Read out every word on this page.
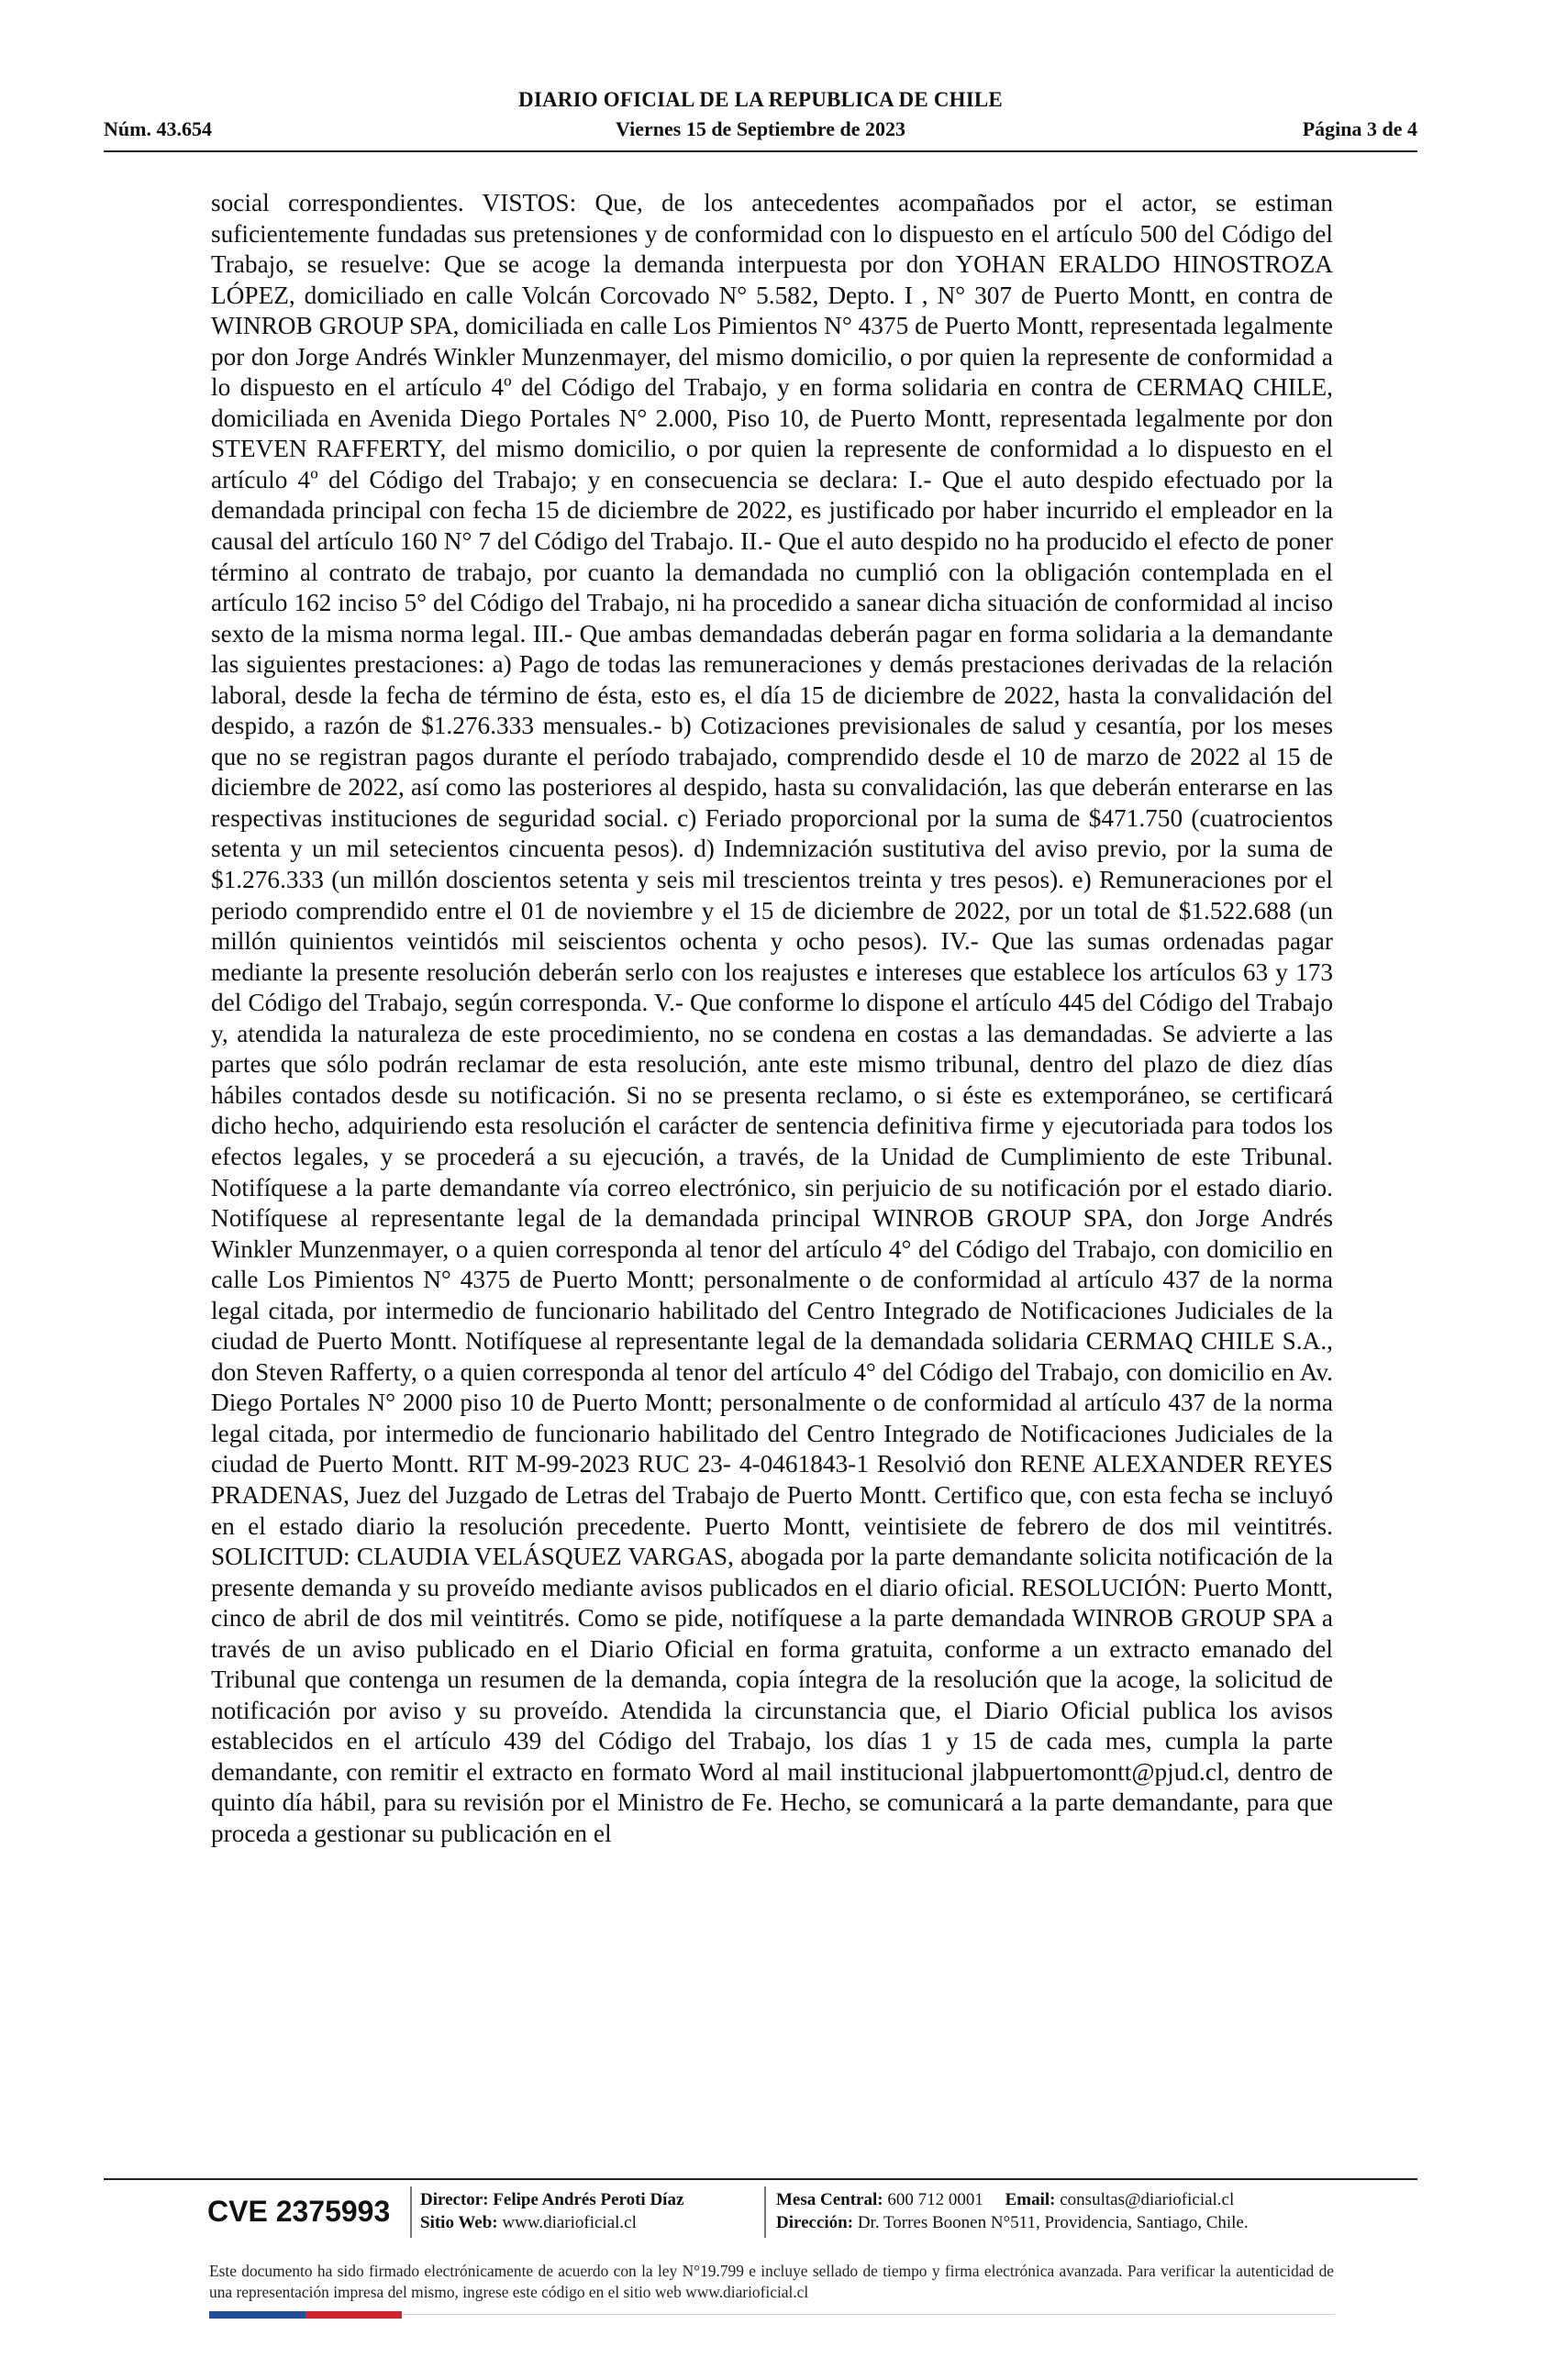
DIARIO OFICIAL DE LA REPUBLICA DE CHILE
Núm. 43.654	Viernes 15 de Septiembre de 2023	Página 3 de 4

social correspondientes. VISTOS: Que, de los antecedentes acompañados por el actor, se estiman suficientemente fundadas sus pretensiones y de conformidad con lo dispuesto en el artículo 500 del Código del Trabajo, se resuelve: Que se acoge la demanda interpuesta por don YOHAN ERALDO HINOSTROZA LÓPEZ, domiciliado en calle Volcán Corcovado N° 5.582, Depto. I , N° 307 de Puerto Montt, en contra de WINROB GROUP SPA, domiciliada en calle Los Pimientos N° 4375 de Puerto Montt, representada legalmente por don Jorge Andrés Winkler Munzenmayer, del mismo domicilio, o por quien la represente de conformidad a lo dispuesto en el artículo 4º del Código del Trabajo, y en forma solidaria en contra de CERMAQ CHILE, domiciliada en Avenida Diego Portales N° 2.000, Piso 10, de Puerto Montt, representada legalmente por don STEVEN RAFFERTY, del mismo domicilio, o por quien la represente de conformidad a lo dispuesto en el artículo 4º del Código del Trabajo; y en consecuencia se declara: I.- Que el auto despido efectuado por la demandada principal con fecha 15 de diciembre de 2022, es justificado por haber incurrido el empleador en la causal del artículo 160 N° 7 del Código del Trabajo. II.- Que el auto despido no ha producido el efecto de poner término al contrato de trabajo, por cuanto la demandada no cumplió con la obligación contemplada en el artículo 162 inciso 5° del Código del Trabajo, ni ha procedido a sanear dicha situación de conformidad al inciso sexto de la misma norma legal. III.- Que ambas demandadas deberán pagar en forma solidaria a la demandante las siguientes prestaciones: a) Pago de todas las remuneraciones y demás prestaciones derivadas de la relación laboral, desde la fecha de término de ésta, esto es, el día 15 de diciembre de 2022, hasta la convalidación del despido, a razón de $1.276.333 mensuales.- b) Cotizaciones previsionales de salud y cesantía, por los meses que no se registran pagos durante el período trabajado, comprendido desde el 10 de marzo de 2022 al 15 de diciembre de 2022, así como las posteriores al despido, hasta su convalidación, las que deberán enterarse en las respectivas instituciones de seguridad social. c) Feriado proporcional por la suma de $471.750 (cuatrocientos setenta y un mil setecientos cincuenta pesos). d) Indemnización sustitutiva del aviso previo, por la suma de $1.276.333 (un millón doscientos setenta y seis mil trescientos treinta y tres pesos). e) Remuneraciones por el periodo comprendido entre el 01 de noviembre y el 15 de diciembre de 2022, por un total de $1.522.688 (un millón quinientos veintidós mil seiscientos ochenta y ocho pesos). IV.- Que las sumas ordenadas pagar mediante la presente resolución deberán serlo con los reajustes e intereses que establece los artículos 63 y 173 del Código del Trabajo, según corresponda. V.- Que conforme lo dispone el artículo 445 del Código del Trabajo y, atendida la naturaleza de este procedimiento, no se condena en costas a las demandadas. Se advierte a las partes que sólo podrán reclamar de esta resolución, ante este mismo tribunal, dentro del plazo de diez días hábiles contados desde su notificación. Si no se presenta reclamo, o si éste es extemporáneo, se certificará dicho hecho, adquiriendo esta resolución el carácter de sentencia definitiva firme y ejecutoriada para todos los efectos legales, y se procederá a su ejecución, a través, de la Unidad de Cumplimiento de este Tribunal. Notifíquese a la parte demandante vía correo electrónico, sin perjuicio de su notificación por el estado diario. Notifíquese al representante legal de la demandada principal WINROB GROUP SPA, don Jorge Andrés Winkler Munzenmayer, o a quien corresponda al tenor del artículo 4° del Código del Trabajo, con domicilio en calle Los Pimientos N° 4375 de Puerto Montt; personalmente o de conformidad al artículo 437 de la norma legal citada, por intermedio de funcionario habilitado del Centro Integrado de Notificaciones Judiciales de la ciudad de Puerto Montt. Notifíquese al representante legal de la demandada solidaria CERMAQ CHILE S.A., don Steven Rafferty, o a quien corresponda al tenor del artículo 4° del Código del Trabajo, con domicilio en Av. Diego Portales N° 2000 piso 10 de Puerto Montt; personalmente o de conformidad al artículo 437 de la norma legal citada, por intermedio de funcionario habilitado del Centro Integrado de Notificaciones Judiciales de la ciudad de Puerto Montt. RIT M-99-2023 RUC 23- 4-0461843-1 Resolvió don RENE ALEXANDER REYES PRADENAS, Juez del Juzgado de Letras del Trabajo de Puerto Montt. Certifico que, con esta fecha se incluyó en el estado diario la resolución precedente. Puerto Montt, veintisiete de febrero de dos mil veintitrés. SOLICITUD: CLAUDIA VELÁSQUEZ VARGAS, abogada por la parte demandante solicita notificación de la presente demanda y su proveído mediante avisos publicados en el diario oficial. RESOLUCIÓN: Puerto Montt, cinco de abril de dos mil veintitrés. Como se pide, notifíquese a la parte demandada WINROB GROUP SPA a través de un aviso publicado en el Diario Oficial en forma gratuita, conforme a un extracto emanado del Tribunal que contenga un resumen de la demanda, copia íntegra de la resolución que la acoge, la solicitud de notificación por aviso y su proveído. Atendida la circunstancia que, el Diario Oficial publica los avisos establecidos en el artículo 439 del Código del Trabajo, los días 1 y 15 de cada mes, cumpla la parte demandante, con remitir el extracto en formato Word al mail institucional jlabpuertomontt@pjud.cl, dentro de quinto día hábil, para su revisión por el Ministro de Fe. Hecho, se comunicará a la parte demandante, para que proceda a gestionar su publicación en el

CVE 2375993	Director: Felipe Andrés Peroti Díaz
Sitio Web: www.diarioficial.cl
Mesa Central: 600 712 0001 Email: consultas@diarioficial.cl
Dirección: Dr. Torres Boonen N°511, Providencia, Santiago, Chile.
Este documento ha sido firmado electrónicamente de acuerdo con la ley N°19.799 e incluye sellado de tiempo y firma electrónica avanzada. Para verificar la autenticidad de una representación impresa del mismo, ingrese este código en el sitio web www.diarioficial.cl
